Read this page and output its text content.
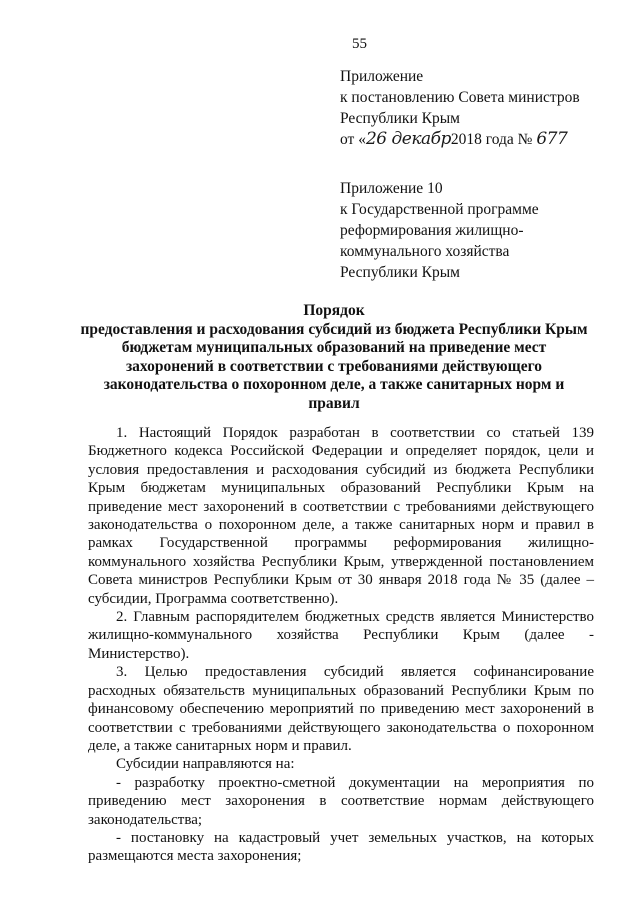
55
Приложение
к постановлению Совета министров
Республики Крым
от «26 декабр2018 года № 677
Приложение 10
к Государственной программе
реформирования жилищно-
коммунального хозяйства
Республики Крым
Порядок
предоставления и расходования субсидий из бюджета Республики Крым
бюджетам муниципальных образований на приведение мест
захоронений в соответствии с требованиями действующего
законодательства о похоронном деле, а также санитарных норм и
правил

1. Настоящий Порядок разработан в соответствии со статьей 139 Бюджетного кодекса Российской Федерации и определяет порядок, цели и условия предоставления и расходования субсидий из бюджета Республики Крым бюджетам муниципальных образований Республики Крым на приведение мест захоронений в соответствии с требованиями действующего законодательства о похоронном деле, а также санитарных норм и правил в рамках Государственной программы реформирования жилищно-коммунального хозяйства Республики Крым, утвержденной постановлением Совета министров Республики Крым от 30 января 2018 года № 35 (далее – субсидии, Программа соответственно).

2. Главным распорядителем бюджетных средств является Министерство жилищно-коммунального хозяйства Республики Крым (далее - Министерство).

3. Целью предоставления субсидий является софинансирование расходных обязательств муниципальных образований Республики Крым по финансовому обеспечению мероприятий по приведению мест захоронений в соответствии с требованиями действующего законодательства о похоронном деле, а также санитарных норм и правил.

Субсидии направляются на:

- разработку проектно-сметной документации на мероприятия по приведению мест захоронения в соответствие нормам действующего законодательства;

- постановку на кадастровый учет земельных участков, на которых размещаются места захоронения;
